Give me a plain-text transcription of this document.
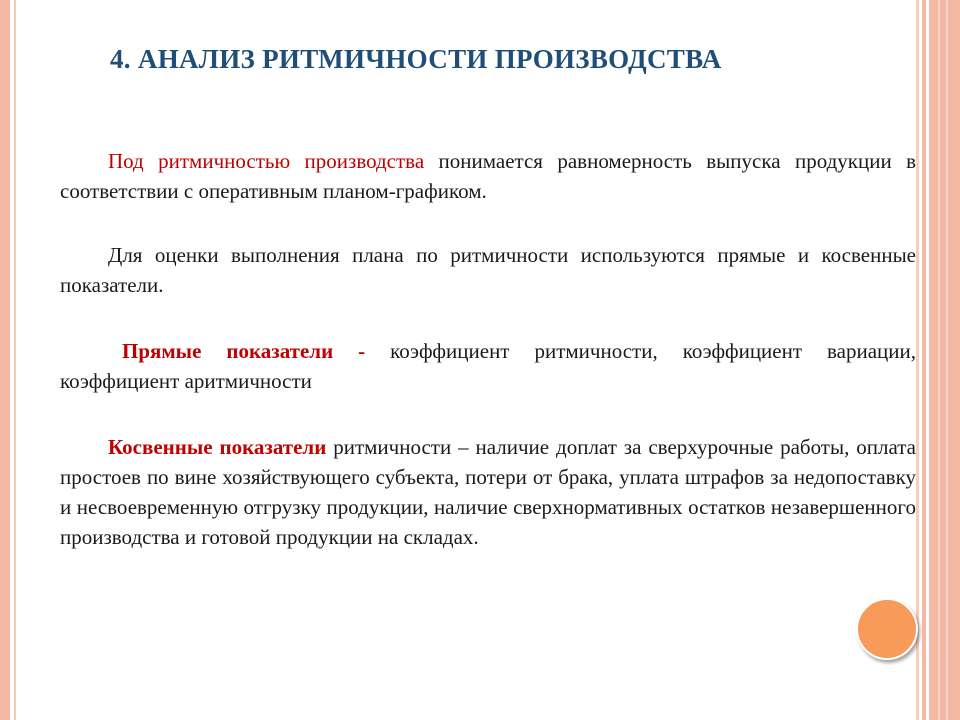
4. АНАЛИЗ РИТМИЧНОСТИ ПРОИЗВОДСТВА
Под ритмичностью производства понимается равномерность выпуска продукции в соответствии с оперативным планом-графиком.
Для оценки выполнения плана по ритмичности используются прямые и косвенные показатели.
Прямые показатели - коэффициент ритмичности, коэффициент вариации, коэффициент аритмичности
Косвенные показатели ритмичности – наличие доплат за сверхурочные работы, оплата простоев по вине хозяйствующего субъекта, потери от брака, уплата штрафов за недопоставку и несвоевременную отгрузку продукции, наличие сверхнормативных остатков незавершенного производства и готовой продукции на складах.
